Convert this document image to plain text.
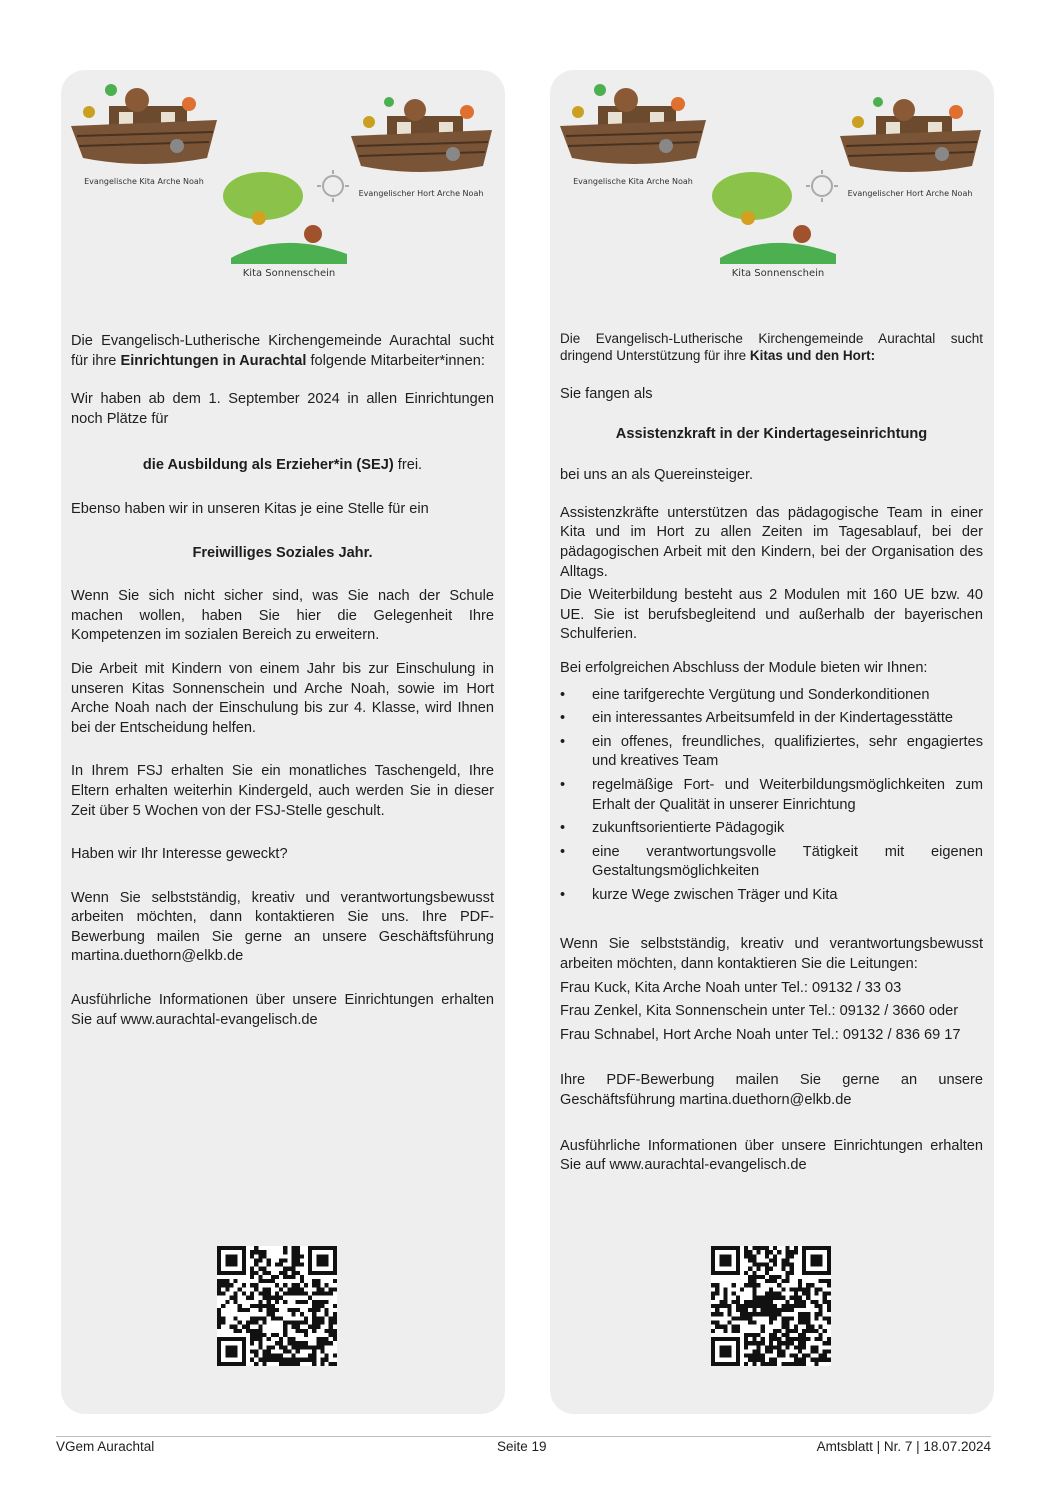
Evangelische Kita Arche Noah
Evangelischer Hort Arche Noah
Kita Sonnenschein

Die Evangelisch-Lutherische Kirchengemeinde Aurachtal sucht für ihre Einrichtungen in Aurachtal folgende Mitarbeiter*innen:

Wir haben ab dem 1. September 2024 in allen Einrichtungen noch Plätze für

die Ausbildung als Erzieher*in (SEJ) frei.

Ebenso haben wir in unseren Kitas je eine Stelle für ein

Freiwilliges Soziales Jahr.

Wenn Sie sich nicht sicher sind, was Sie nach der Schule machen wollen, haben Sie hier die Gelegenheit Ihre Kompetenzen im sozialen Bereich zu erweitern.

Die Arbeit mit Kindern von einem Jahr bis zur Einschulung in unseren Kitas Sonnenschein und Arche Noah, sowie im Hort Arche Noah nach der Einschulung bis zur 4. Klasse, wird Ihnen bei der Entscheidung helfen.

In Ihrem FSJ erhalten Sie ein monatliches Taschengeld, Ihre Eltern erhalten weiterhin Kindergeld, auch werden Sie in dieser Zeit über 5 Wochen von der FSJ-Stelle geschult.

Haben wir Ihr Interesse geweckt?

Wenn Sie selbstständig, kreativ und verantwortungsbewusst arbeiten möchten, dann kontaktieren Sie uns. Ihre PDF-Bewerbung mailen Sie gerne an unsere Geschäftsführung martina.duethorn@elkb.de

Ausführliche Informationen über unsere Einrichtungen erhalten Sie auf www.aurachtal-evangelisch.de

Evangelische Kita Arche Noah
Evangelischer Hort Arche Noah
Kita Sonnenschein

Die Evangelisch-Lutherische Kirchengemeinde Aurachtal sucht dringend Unterstützung für ihre Kitas und den Hort:

Sie fangen als

Assistenzkraft in der Kindertageseinrichtung

bei uns an als Quereinsteiger.

Assistenzkräfte unterstützen das pädagogische Team in einer Kita und im Hort zu allen Zeiten im Tagesablauf, bei der pädagogischen Arbeit mit den Kindern, bei der Organisation des Alltags.

Die Weiterbildung besteht aus 2 Modulen mit 160 UE bzw. 40 UE. Sie ist berufsbegleitend und außerhalb der bayerischen Schulferien.

Bei erfolgreichen Abschluss der Module bieten wir Ihnen:

• eine tarifgerechte Vergütung und Sonderkonditionen
• ein interessantes Arbeitsumfeld in der Kindertagesstätte
• ein offenes, freundliches, qualifiziertes, sehr engagiertes und kreatives Team
• regelmäßige Fort- und Weiterbildungsmöglichkeiten zum Erhalt der Qualität in unserer Einrichtung
• zukunftsorientierte Pädagogik
• eine verantwortungsvolle Tätigkeit mit eigenen Gestaltungsmöglichkeiten
• kurze Wege zwischen Träger und Kita

Wenn Sie selbstständig, kreativ und verantwortungsbewusst arbeiten möchten, dann kontaktieren Sie die Leitungen:

Frau Kuck, Kita Arche Noah unter Tel.: 09132 / 33 03

Frau Zenkel, Kita Sonnenschein unter Tel.: 09132 / 3660 oder

Frau Schnabel, Hort Arche Noah unter Tel.: 09132 / 836 69 17

Ihre PDF-Bewerbung mailen Sie gerne an unsere Geschäftsführung martina.duethorn@elkb.de

Ausführliche Informationen über unsere Einrichtungen erhalten Sie auf www.aurachtal-evangelisch.de

VGem Aurachtal	Seite 19	Amtsblatt | Nr. 7 | 18.07.2024
